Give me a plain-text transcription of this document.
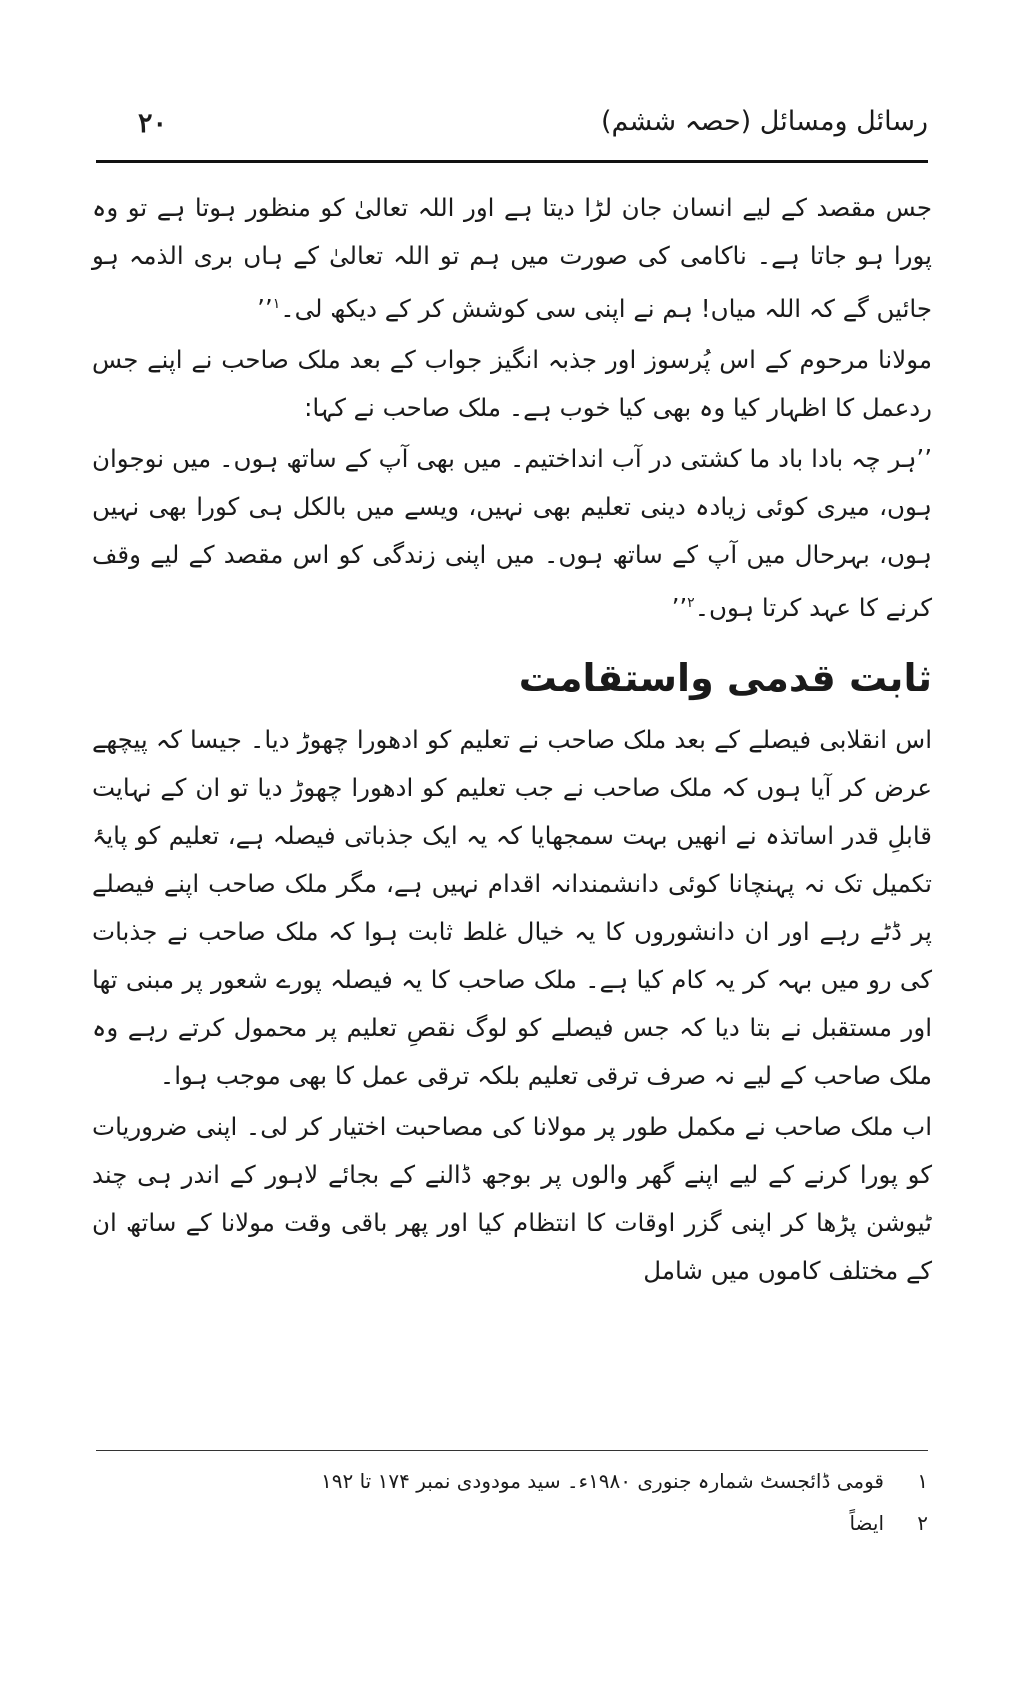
رسائل ومسائل (حصہ ششم)
۲۰

جس مقصد کے لیے انسان جان لڑا دیتا ہے اور اللہ تعالیٰ کو منظور ہوتا ہے تو وہ پورا ہو جاتا ہے۔ ناکامی کی صورت میں ہم تو اللہ تعالیٰ کے ہاں بری الذمہ ہو جائیں گے کہ اللہ میاں! ہم نے اپنی سی کوشش کر کے دیکھ لی۔$^۱$’’

مولانا مرحوم کے اس پُرسوز اور جذبہ انگیز جواب کے بعد ملک صاحب نے اپنے جس ردعمل کا اظہار کیا وہ بھی کیا خوب ہے۔ ملک صاحب نے کہا:

’’ہر چہ بادا باد ما کشتی در آب انداختیم۔ میں بھی آپ کے ساتھ ہوں۔ میں نوجوان ہوں، میری کوئی زیادہ دینی تعلیم بھی نہیں، ویسے میں بالکل ہی کورا بھی نہیں ہوں، بہرحال میں آپ کے ساتھ ہوں۔ میں اپنی زندگی کو اس مقصد کے لیے وقف کرنے کا عہد کرتا ہوں۔$^۲$’’

ثابت قدمی واستقامت

اس انقلابی فیصلے کے بعد ملک صاحب نے تعلیم کو ادھورا چھوڑ دیا۔ جیسا کہ پیچھے عرض کر آیا ہوں کہ ملک صاحب نے جب تعلیم کو ادھورا چھوڑ دیا تو ان کے نہایت قابلِ قدر اساتذہ نے انھیں بہت سمجھایا کہ یہ ایک جذباتی فیصلہ ہے، تعلیم کو پایۂ تکمیل تک نہ پہنچانا کوئی دانشمندانہ اقدام نہیں ہے، مگر ملک صاحب اپنے فیصلے پر ڈٹے رہے اور ان دانشوروں کا یہ خیال غلط ثابت ہوا کہ ملک صاحب نے جذبات کی رو میں بہہ کر یہ کام کیا ہے۔ ملک صاحب کا یہ فیصلہ پورے شعور پر مبنی تھا اور مستقبل نے بتا دیا کہ جس فیصلے کو لوگ نقصِ تعلیم پر محمول کرتے رہے وہ ملک صاحب کے لیے نہ صرف ترقی تعلیم بلکہ ترقی عمل کا بھی موجب ہوا۔

اب ملک صاحب نے مکمل طور پر مولانا کی مصاحبت اختیار کر لی۔ اپنی ضروریات کو پورا کرنے کے لیے اپنے گھر والوں پر بوجھ ڈالنے کے بجائے لاہور کے اندر ہی چند ٹیوشن پڑھا کر اپنی گزر اوقات کا انتظام کیا اور پھر باقی وقت مولانا کے ساتھ ان کے مختلف کاموں میں شامل

۱
قومی ڈائجسٹ شمارہ جنوری ۱۹۸۰ء۔ سید مودودی نمبر ۱۷۴ تا ۱۹۲
۲
ایضاً
